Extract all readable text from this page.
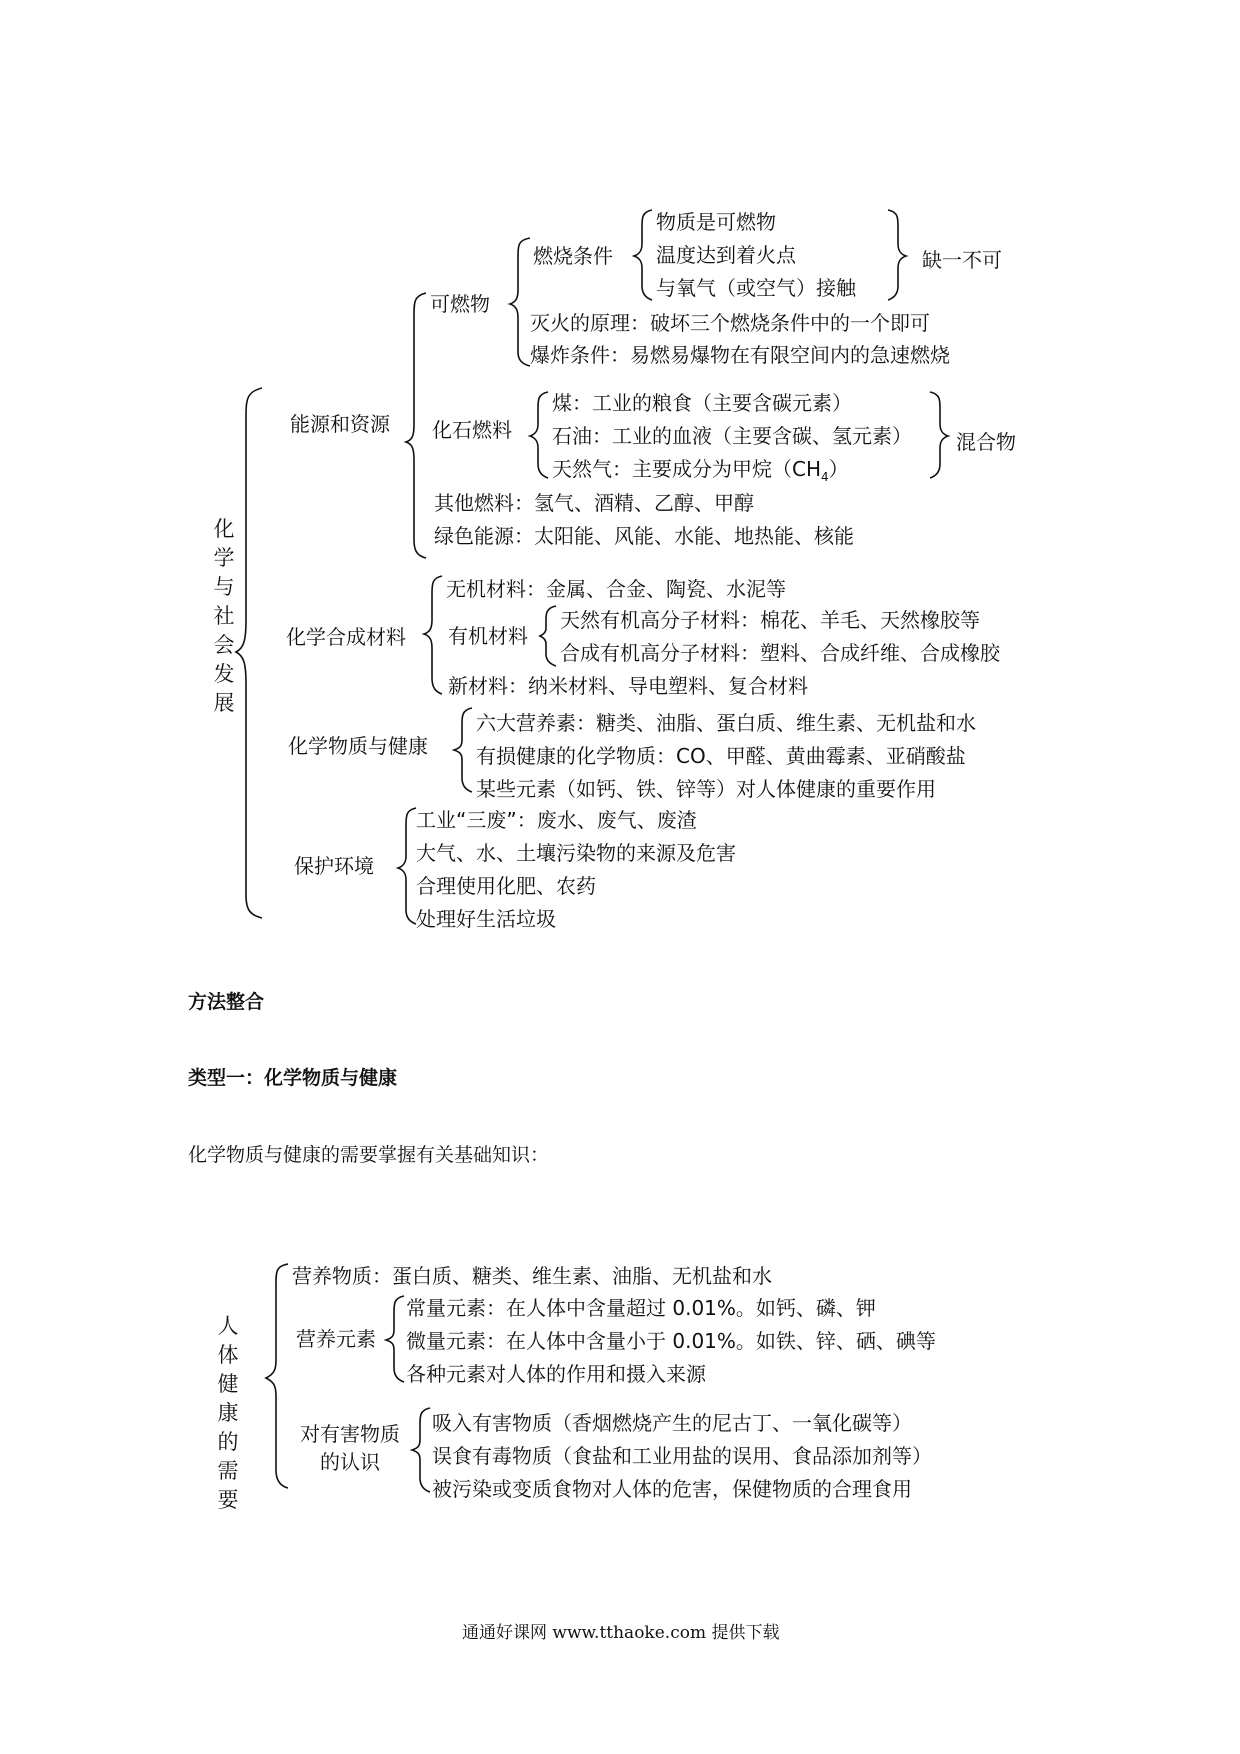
化学
与
社会
发展
能源和资源
可燃物
燃烧条件
物质是可燃物
温度达到着火点
与氧气（或空气）接触
缺一不可
灭火的原理：破坏三个燃烧条件中的一个即可
爆炸条件：易燃易爆物在有限空间内的急速燃烧
化石燃料
煤：工业的粮食（主要含碳元素）
石油：工业的血液（主要含碳、氢元素）
天然气：主要成分为甲烷$(CH_4)$
混合物
其他燃料：氢气、酒精、乙醇、甲醇
绿色能源：太阳能、风能、水能、地热能、核能
化学合成材料
无机材料：金属、合金、陶瓷、水泥等
有机材料
天然有机高分子材料：棉花、羊毛、天然橡胶等
合成有机高分子材料：塑料、合成纤维、合成橡胶
新材料：纳米材料、导电塑料、复合材料
化学物质与健康
六大营养素：糖类、油脂、蛋白质、维生素、无机盐和水
有损健康的化学物质：CO、甲醛、黄曲霉素、亚硝酸盐
某些元素（如钙、铁、锌等）对人体健康的重要作用
保护环境
工业“三废”：废水、废气、废渣
大气、水、土壤污染物的来源及危害
合理使用化肥、农药
处理好生活垃圾
方法整合
类型一：化学物质与健康
化学物质与健康的需要掌握有关基础知识：
人体
健康
的
需要
营养物质：蛋白质、糖类、维生素、油脂、无机盐和水
营养元素
常量元素：在人体中含量超过 0.01%。如钙、磷、钾
微量元素：在人体中含量小于 0.01%。如铁、锌、硒、碘等
各种元素对人体的作用和摄入来源
对有害物质
的认识
吸入有害物质（香烟燃烧产生的尼古丁、一氧化碳等）
误食有毒物质（食盐和工业用盐的误用、食品添加剂等）
被污染或变质食物对人体的危害，保健物质的合理食用
通通好课网 www.tthaoke.com 提供下载
